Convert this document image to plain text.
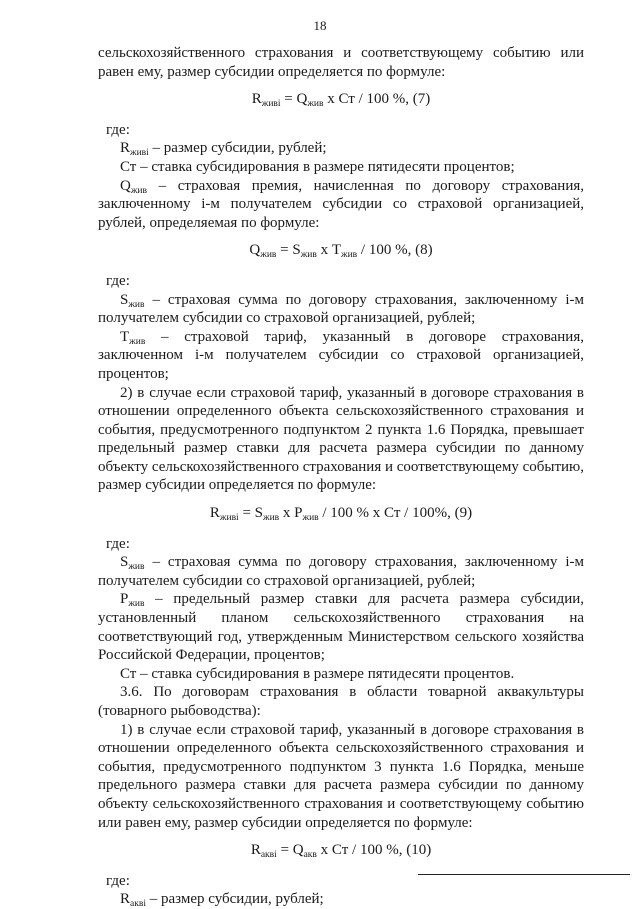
18

сельскохозяйственного страхования и соответствующему событию или равен ему, размер субсидии определяется по формуле:

$R_{живі} = Q_{жив}$ х Ст / 100 %, (7)

где:

$R_{живі}$ – размер субсидии, рублей;

Ст – ставка субсидирования в размере пятидесяти процентов;

$Q_{жив}$ – страховая премия, начисленная по договору страхования, заключенному і-м получателем субсидии со страховой организацией, рублей, определяемая по формуле:

$Q_{жив} = S_{жив}$ х $T_{жив} / 100$ %, (8)

где:

$S_{жив}$ – страховая сумма по договору страхования, заключенному і-м получателем субсидии со страховой организацией, рублей;

$T_{жив}$ – страховой тариф, указанный в договоре страхования, заключенном і-м получателем субсидии со страховой организацией, процентов;

2) в случае если страховой тариф, указанный в договоре страхования в отношении определенного объекта сельскохозяйственного страхования и события, предусмотренного подпунктом 2 пункта 1.6 Порядка, превышает предельный размер ставки для расчета размера субсидии по данному объекту сельскохозяйственного страхования и соответствующему событию, размер субсидии определяется по формуле:

$R_{живі} = S_{жив}$ х $P_{жив} / 100$ % х Ст / 100%, (9)

где:

$S_{жив}$ – страховая сумма по договору страхования, заключенному і-м получателем субсидии со страховой организацией, рублей;

$P_{жив}$ – предельный размер ставки для расчета размера субсидии, установленный планом сельскохозяйственного страхования на соответствующий год, утвержденным Министерством сельского хозяйства Российской Федерации, процентов;

Ст – ставка субсидирования в размере пятидесяти процентов.

3.6. По договорам страхования в области товарной аквакультуры (товарного рыбоводства):

1) в случае если страховой тариф, указанный в договоре страхования в отношении определенного объекта сельскохозяйственного страхования и события, предусмотренного подпунктом 3 пункта 1.6 Порядка, меньше предельного размера ставки для расчета размера субсидии по данному объекту сельскохозяйственного страхования и соответствующему событию или равен ему, размер субсидии определяется по формуле:

$R_{аквi} = Q_{акв}$ х Ст / 100 %, (10)

где:

$R_{аквi}$ – размер субсидии, рублей;
